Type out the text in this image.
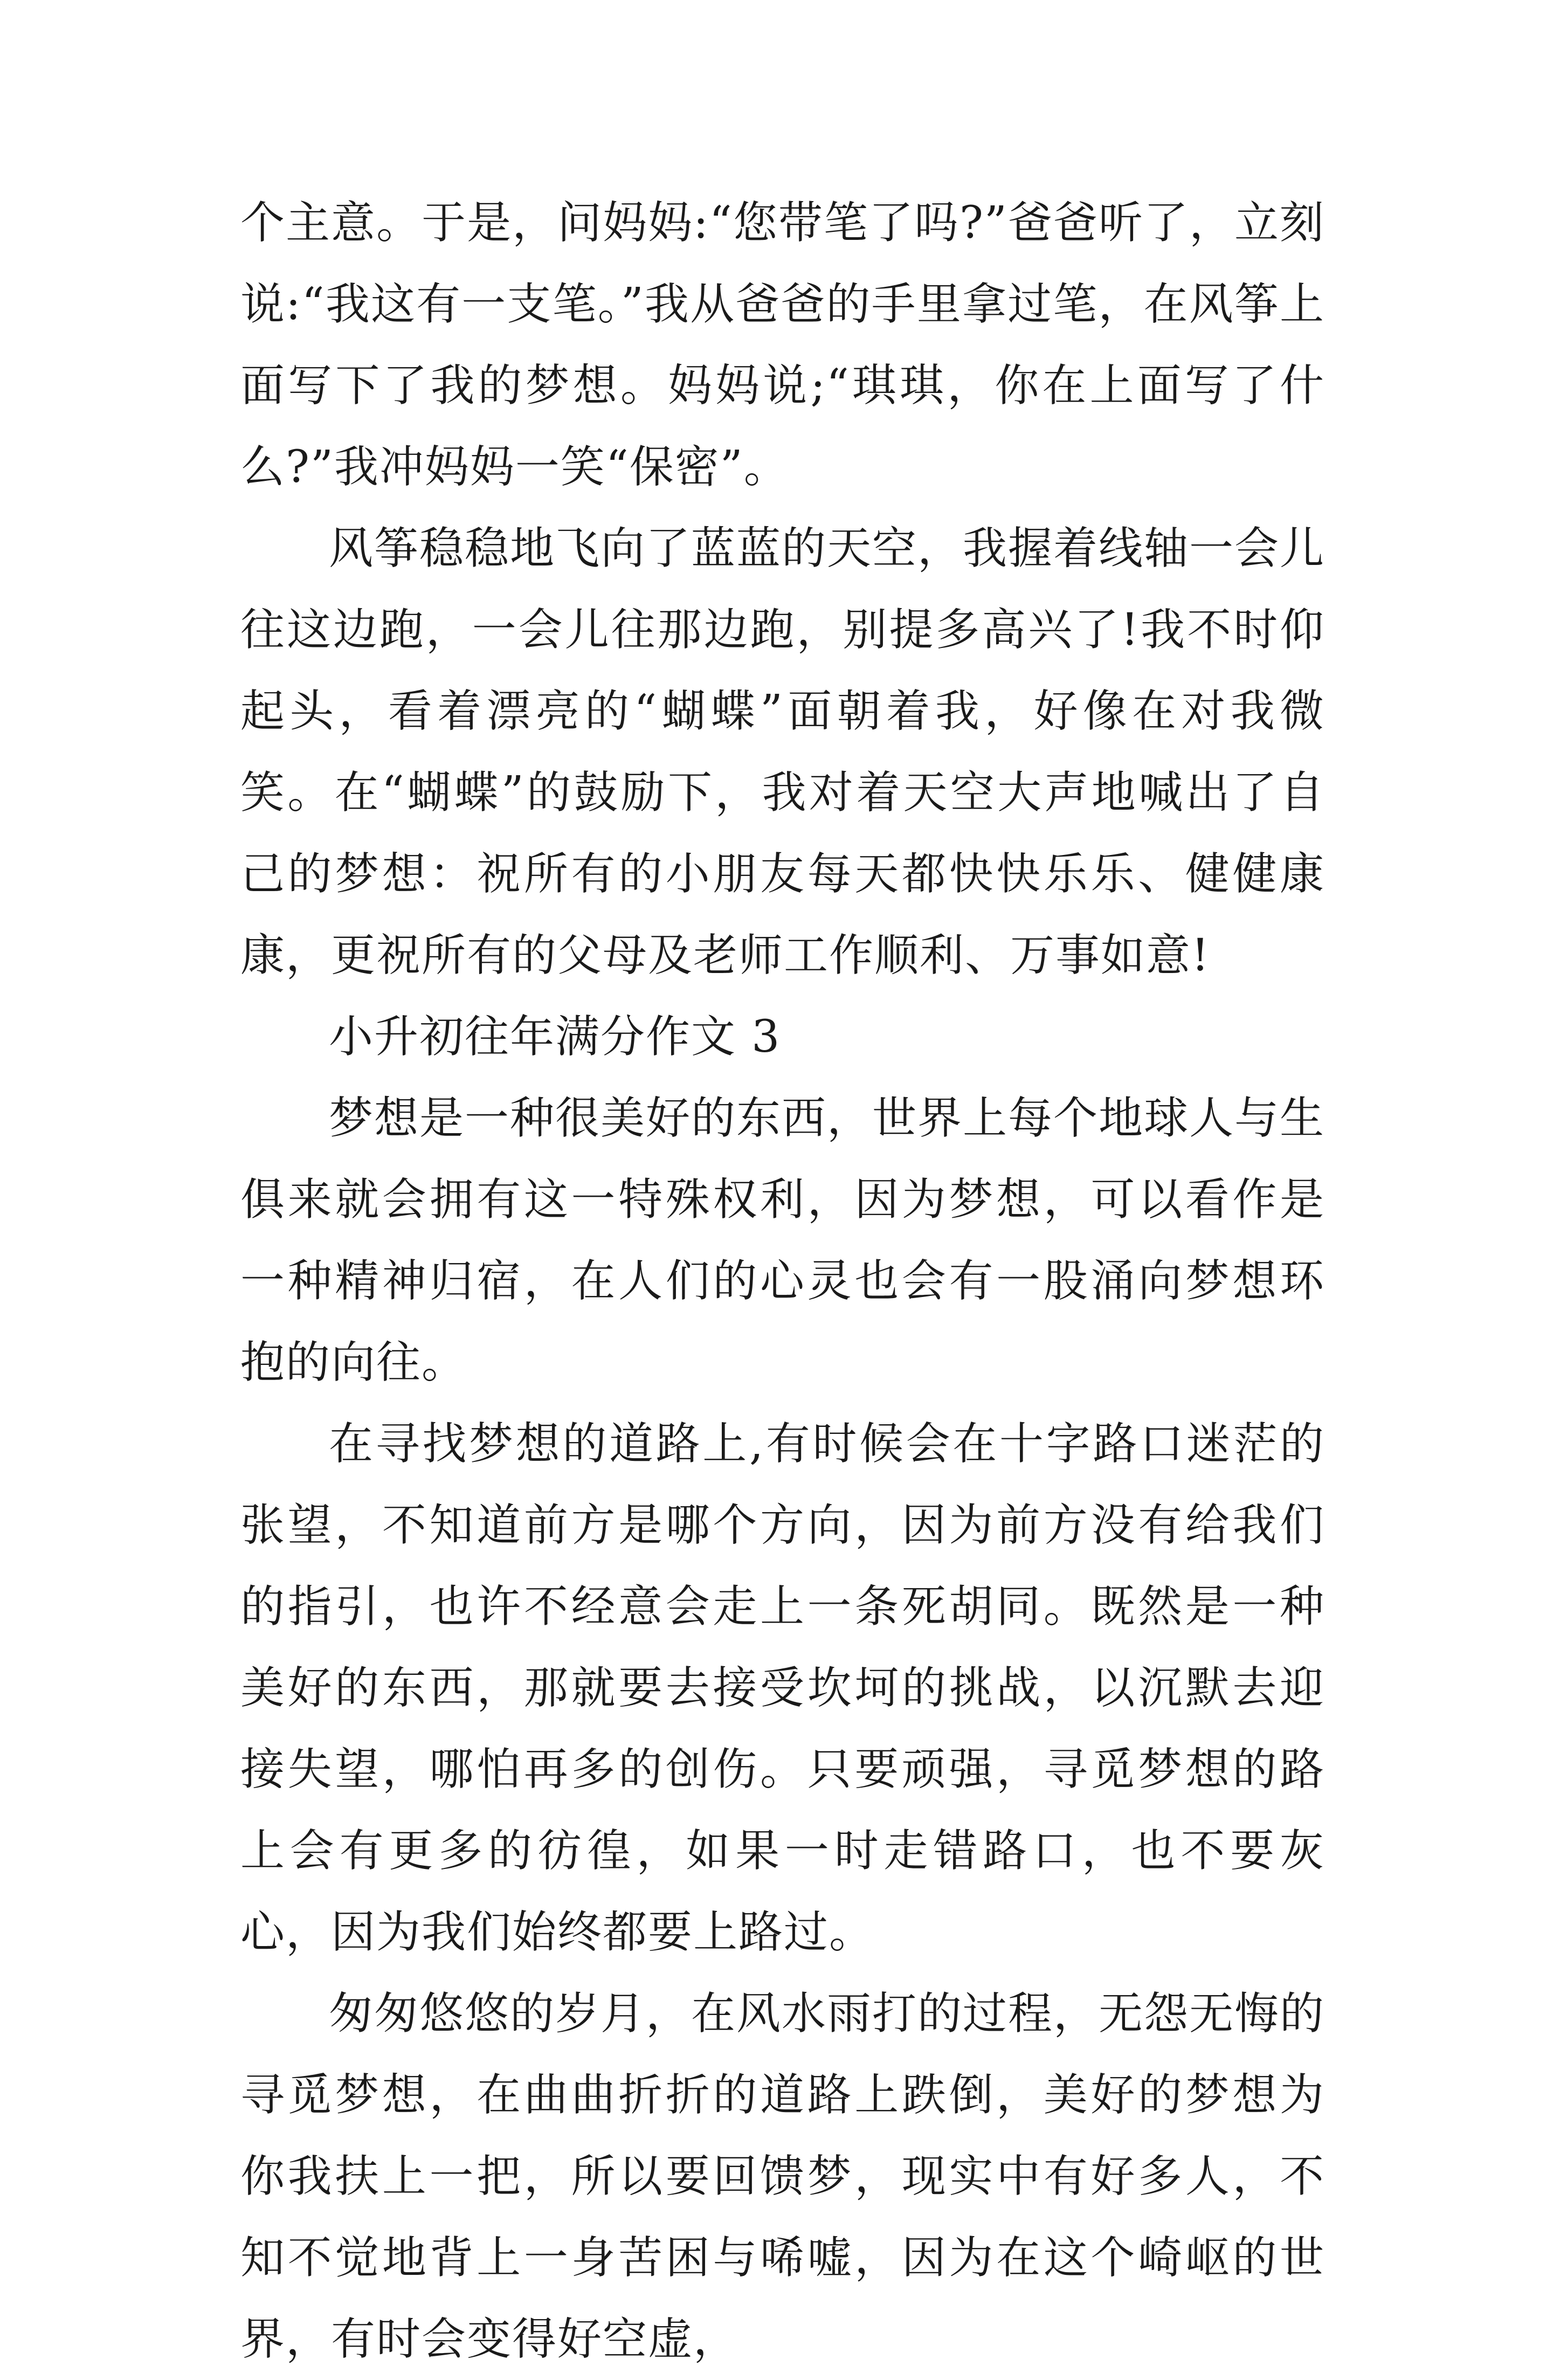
个主意。于是，问妈妈:“您带笔了吗?”爸爸听了，立刻说:“我这有一支笔。”我从爸爸的手里拿过笔，在风筝上面写下了我的梦想。妈妈说;“琪琪，你在上面写了什么?”我冲妈妈一笑“保密”。

风筝稳稳地飞向了蓝蓝的天空，我握着线轴一会儿往这边跑，一会儿往那边跑，别提多高兴了!我不时仰起头，看着漂亮的“蝴蝶”面朝着我，好像在对我微笑。在“蝴蝶”的鼓励下，我对着天空大声地喊出了自己的梦想：祝所有的小朋友每天都快快乐乐、健健康康，更祝所有的父母及老师工作顺利、万事如意!

小升初往年满分作文 3

梦想是一种很美好的东西，世界上每个地球人与生俱来就会拥有这一特殊权利，因为梦想，可以看作是一种精神归宿，在人们的心灵也会有一股涌向梦想环抱的向往。

在寻找梦想的道路上,有时候会在十字路口迷茫的张望，不知道前方是哪个方向，因为前方没有给我们的指引，也许不经意会走上一条死胡同。既然是一种美好的东西，那就要去接受坎坷的挑战，以沉默去迎接失望，哪怕再多的创伤。只要顽强，寻觅梦想的路上会有更多的彷徨，如果一时走错路口，也不要灰心，因为我们始终都要上路过。

匆匆悠悠的岁月，在风水雨打的过程，无怨无悔的寻觅梦想，在曲曲折折的道路上跌倒，美好的梦想为你我扶上一把，所以要回馈梦，现实中有好多人，不知不觉地背上一身苦困与唏嘘，因为在这个崎岖的世界，有时会变得好空虚，
